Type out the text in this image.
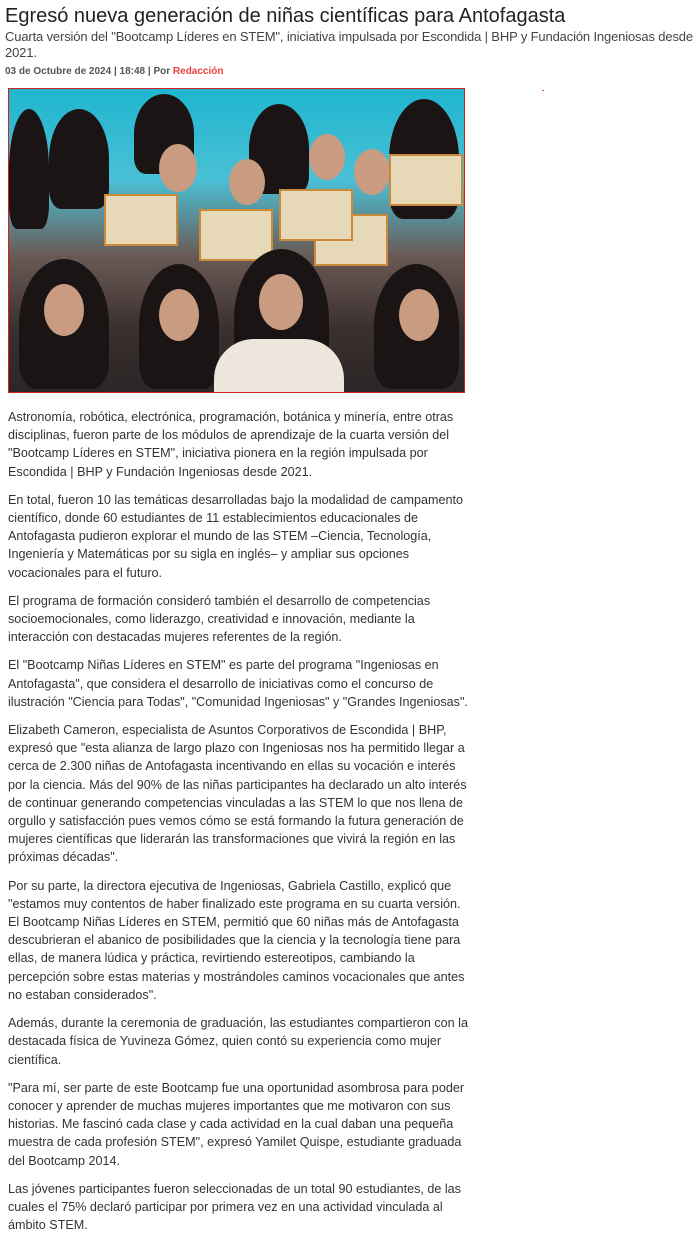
Egresó nueva generación de niñas científicas para Antofagasta

Cuarta versión del "Bootcamp Líderes en STEM", iniciativa impulsada por Escondida | BHP y Fundación Ingeniosas desde 2021.

03 de Octubre de 2024 | 18:48 | Por Redacción

Astronomía, robótica, electrónica, programación, botánica y minería, entre otras disciplinas, fueron parte de los módulos de aprendizaje de la cuarta versión del "Bootcamp Líderes en STEM", iniciativa pionera en la región impulsada por Escondida | BHP y Fundación Ingeniosas desde 2021.

En total, fueron 10 las temáticas desarrolladas bajo la modalidad de campamento científico, donde 60 estudiantes de 11 establecimientos educacionales de Antofagasta pudieron explorar el mundo de las STEM –Ciencia, Tecnología, Ingeniería y Matemáticas por su sigla en inglés– y ampliar sus opciones vocacionales para el futuro.

El programa de formación consideró también el desarrollo de competencias socioemocionales, como liderazgo, creatividad e innovación, mediante la interacción con destacadas mujeres referentes de la región.

El "Bootcamp Niñas Líderes en STEM" es parte del programa "Ingeniosas en Antofagasta", que considera el desarrollo de iniciativas como el concurso de ilustración "Ciencia para Todas", "Comunidad Ingeniosas" y "Grandes Ingeniosas".

Elizabeth Cameron, especialista de Asuntos Corporativos de Escondida | BHP, expresó que "esta alianza de largo plazo con Ingeniosas nos ha permitido llegar a cerca de 2.300 niñas de Antofagasta incentivando en ellas su vocación e interés por la ciencia. Más del 90% de las niñas participantes ha declarado un alto interés de continuar generando competencias vinculadas a las STEM lo que nos llena de orgullo y satisfacción pues vemos cómo se está formando la futura generación de mujeres científicas que liderarán las transformaciones que vivirá la región en las próximas décadas".

Por su parte, la directora ejecutiva de Ingeniosas, Gabriela Castillo, explicó que "estamos muy contentos de haber finalizado este programa en su cuarta versión. El Bootcamp Niñas Líderes en STEM, permitió que 60 niñas más de Antofagasta descubrieran el abanico de posibilidades que la ciencia y la tecnología tiene para ellas, de manera lúdica y práctica, revirtiendo estereotipos, cambiando la percepción sobre estas materias y mostrándoles caminos vocacionales que antes no estaban considerados".

Además, durante la ceremonia de graduación, las estudiantes compartieron con la destacada física de Yuvineza Gómez, quien contó su experiencia como mujer científica.

"Para mí, ser parte de este Bootcamp fue una oportunidad asombrosa para poder conocer y aprender de muchas mujeres importantes que me motivaron con sus historias. Me fascinó cada clase y cada actividad en la cual daban una pequeña muestra de cada profesión STEM", expresó Yamilet Quispe, estudiante graduada del Bootcamp 2014.

Las jóvenes participantes fueron seleccionadas de un total 90 estudiantes, de las cuales el 75% declaró participar por primera vez en una actividad vinculada al ámbito STEM.
